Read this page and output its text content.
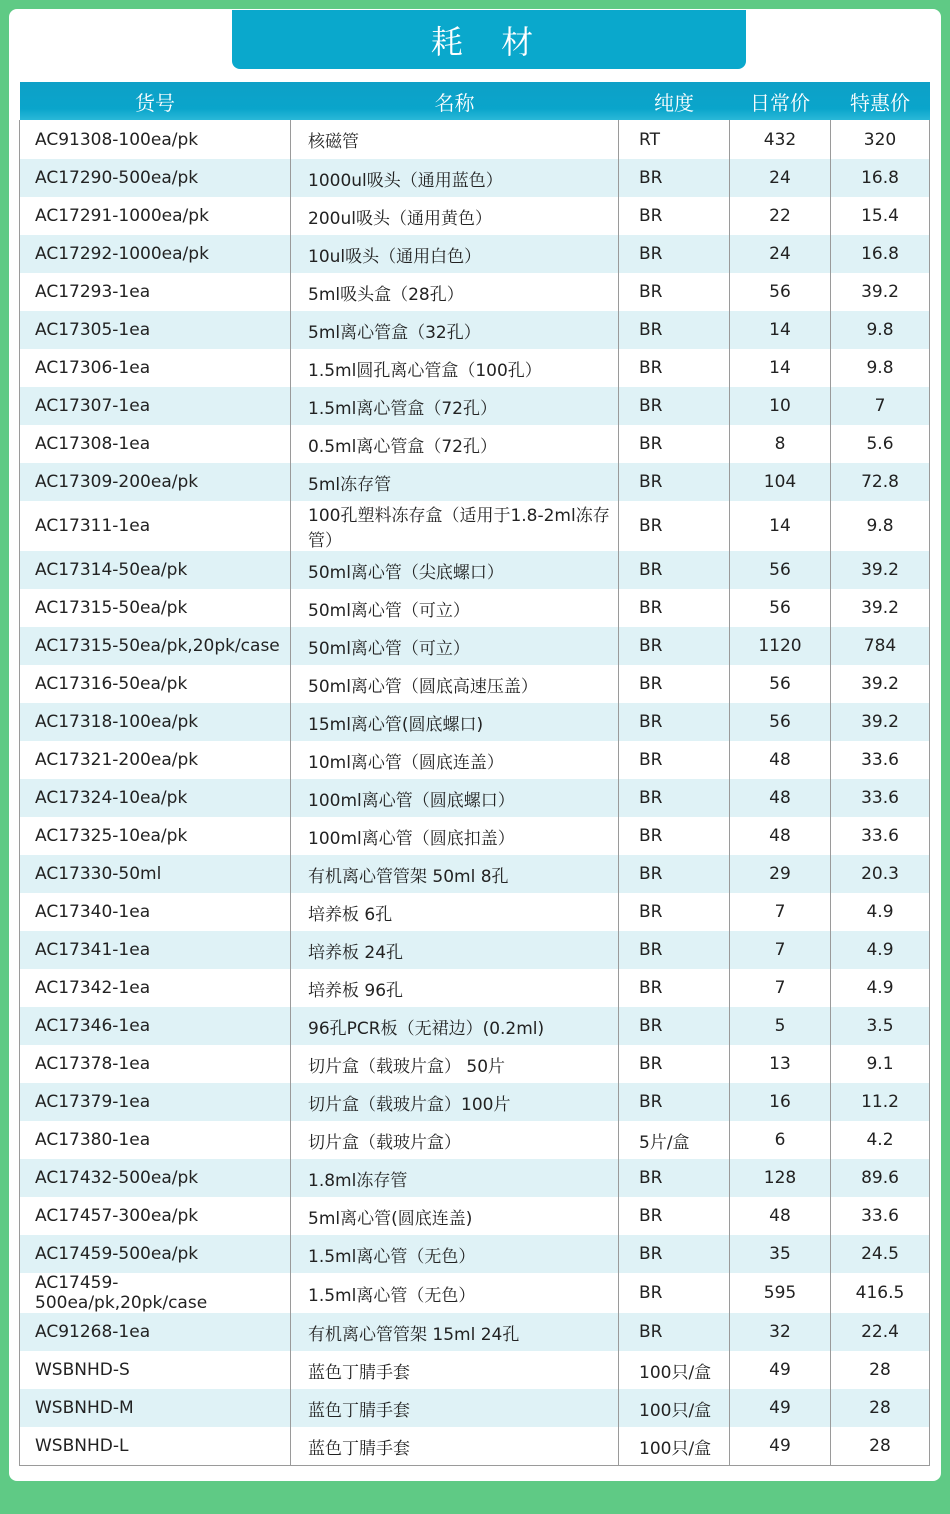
耗 材
货号	名称	纯度	日常价	特惠价
AC91308-100ea/pk	核磁管	RT	432	320
AC17290-500ea/pk	1000ul吸头（通用蓝色）	BR	24	16.8
AC17291-1000ea/pk	200ul吸头（通用黄色）	BR	22	15.4
AC17292-1000ea/pk	10ul吸头（通用白色）	BR	24	16.8
AC17293-1ea	5ml吸头盒（28孔）	BR	56	39.2
AC17305-1ea	5ml离心管盒（32孔）	BR	14	9.8
AC17306-1ea	1.5ml圆孔离心管盒（100孔）	BR	14	9.8
AC17307-1ea	1.5ml离心管盒（72孔）	BR	10	7
AC17308-1ea	0.5ml离心管盒（72孔）	BR	8	5.6
AC17309-200ea/pk	5ml冻存管	BR	104	72.8
AC17311-1ea	100孔塑料冻存盒（适用于1.8-2ml冻存管）	BR	14	9.8
AC17314-50ea/pk	50ml离心管（尖底螺口）	BR	56	39.2
AC17315-50ea/pk	50ml离心管（可立）	BR	56	39.2
AC17315-50ea/pk,20pk/case	50ml离心管（可立）	BR	1120	784
AC17316-50ea/pk	50ml离心管（圆底高速压盖）	BR	56	39.2
AC17318-100ea/pk	15ml离心管(圆底螺口)	BR	56	39.2
AC17321-200ea/pk	10ml离心管（圆底连盖）	BR	48	33.6
AC17324-10ea/pk	100ml离心管（圆底螺口）	BR	48	33.6
AC17325-10ea/pk	100ml离心管（圆底扣盖）	BR	48	33.6
AC17330-50ml	有机离心管管架 50ml 8孔	BR	29	20.3
AC17340-1ea	培养板 6孔	BR	7	4.9
AC17341-1ea	培养板 24孔	BR	7	4.9
AC17342-1ea	培养板 96孔	BR	7	4.9
AC17346-1ea	96孔PCR板（无裙边）(0.2ml)	BR	5	3.5
AC17378-1ea	切片盒（载玻片盒） 50片	BR	13	9.1
AC17379-1ea	切片盒（载玻片盒）100片	BR	16	11.2
AC17380-1ea	切片盒（载玻片盒）	5片/盒	6	4.2
AC17432-500ea/pk	1.8ml冻存管	BR	128	89.6
AC17457-300ea/pk	5ml离心管(圆底连盖)	BR	48	33.6
AC17459-500ea/pk	1.5ml离心管（无色）	BR	35	24.5
AC17459-500ea/pk,20pk/case	1.5ml离心管（无色）	BR	595	416.5
AC91268-1ea	有机离心管管架 15ml 24孔	BR	32	22.4
WSBNHD-S	蓝色丁腈手套	100只/盒	49	28
WSBNHD-M	蓝色丁腈手套	100只/盒	49	28
WSBNHD-L	蓝色丁腈手套	100只/盒	49	28
